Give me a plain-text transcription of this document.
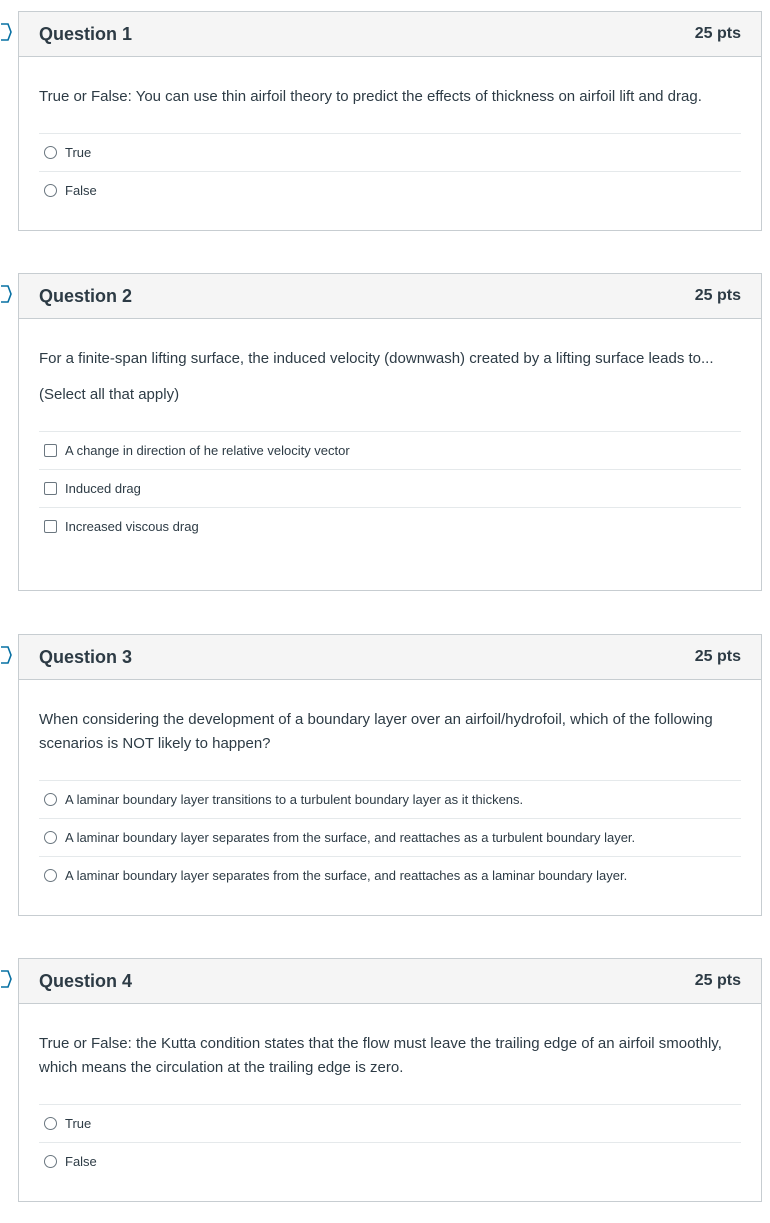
Question 1	25 pts

True or False: You can use thin airfoil theory to predict the effects of thickness on airfoil lift and drag.

True
False
Question 2	25 pts

For a finite-span lifting surface, the induced velocity (downwash) created by a lifting surface leads to...

(Select all that apply)

A change in direction of he relative velocity vector
Induced drag
Increased viscous drag
Question 3	25 pts

When considering the development of a boundary layer over an airfoil/hydrofoil, which of the following scenarios is NOT likely to happen?

A laminar boundary layer transitions to a turbulent boundary layer as it thickens.
A laminar boundary layer separates from the surface, and reattaches as a turbulent boundary layer.
A laminar boundary layer separates from the surface, and reattaches as a laminar boundary layer.
Question 4	25 pts

True or False: the Kutta condition states that the flow must leave the trailing edge of an airfoil smoothly, which means the circulation at the trailing edge is zero.

True
False
